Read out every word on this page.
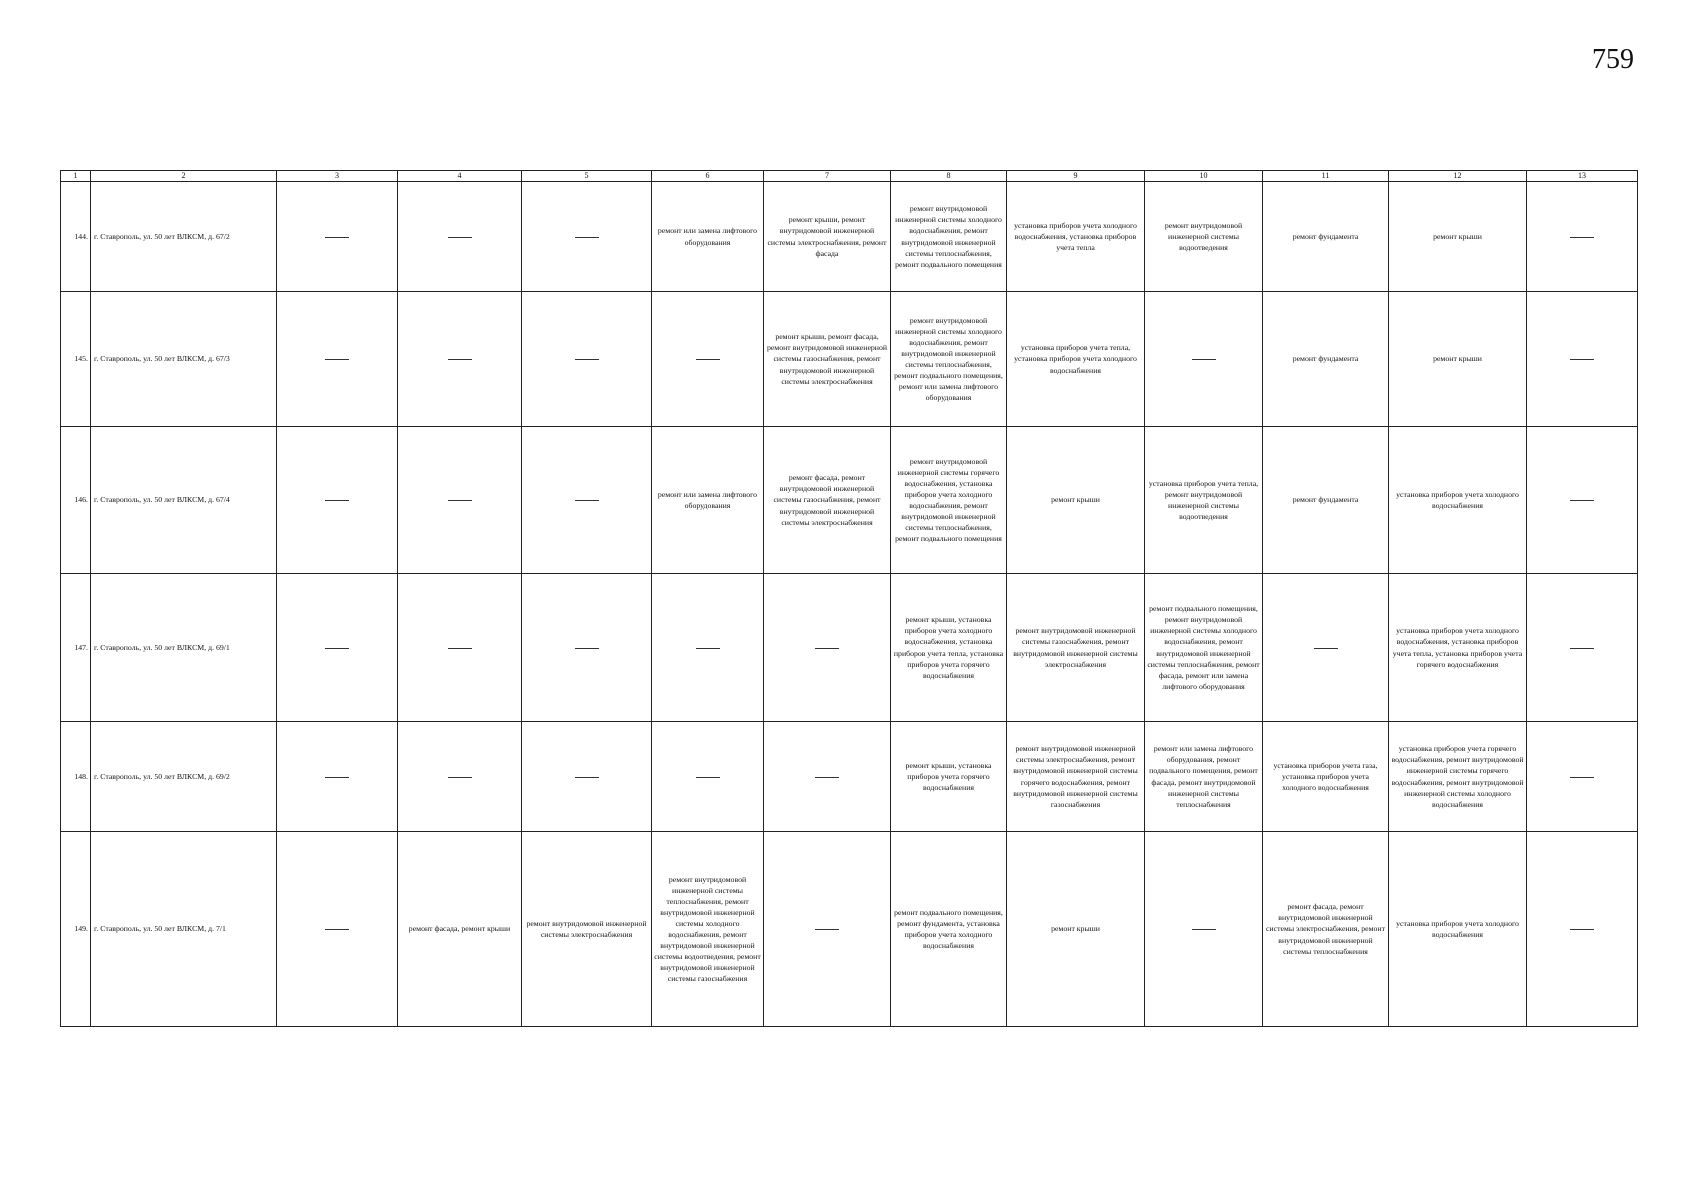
759
1	2	3	4	5	6	7	8	9	10	11	12	13
144.	г. Ставрополь, ул. 50 лет ВЛКСМ, д. 67/2				ремонт или замена лифтового оборудования	ремонт крыши, ремонт внутридомовой инженерной системы электроснабжения, ремонт фасада	ремонт внутридомовой инженерной системы холодного водоснабжения, ремонт внутридомовой инженерной системы теплоснабжения, ремонт подвального помещения	установка приборов учета холодного водоснабжения, установка приборов учета тепла	ремонт внутридомовой инженерной системы водоотведения	ремонт фундамента	ремонт крыши	
145.	г. Ставрополь, ул. 50 лет ВЛКСМ, д. 67/3					ремонт крыши, ремонт фасада, ремонт внутридомовой инженерной системы газоснабжения, ремонт внутридомовой инженерной системы электроснабжения	ремонт внутридомовой инженерной системы холодного водоснабжения, ремонт внутридомовой инженерной системы теплоснабжения, ремонт подвального помещения, ремонт или замена лифтового оборудования	установка приборов учета тепла, установка приборов учета холодного водоснабжения		ремонт фундамента	ремонт крыши	
146.	г. Ставрополь, ул. 50 лет ВЛКСМ, д. 67/4				ремонт или замена лифтового оборудования	ремонт фасада, ремонт внутридомовой инженерной системы газоснабжения, ремонт внутридомовой инженерной системы электроснабжения	ремонт внутридомовой инженерной системы горячего водоснабжения, установка приборов учета холодного водоснабжения, ремонт внутридомовой инженерной системы теплоснабжения, ремонт подвального помещения	ремонт крыши	установка приборов учета тепла, ремонт внутридомовой инженерной системы водоотведения	ремонт фундамента	установка приборов учета холодного водоснабжения	
147.	г. Ставрополь, ул. 50 лет ВЛКСМ, д. 69/1						ремонт крыши, установка приборов учета холодного водоснабжения, установка приборов учета тепла, установка приборов учета горячего водоснабжения	ремонт внутридомовой инженерной системы газоснабжения, ремонт внутридомовой инженерной системы электроснабжения	ремонт подвального помещения, ремонт внутридомовой инженерной системы холодного водоснабжения, ремонт внутридомовой инженерной системы теплоснабжения, ремонт фасада, ремонт или замена лифтового оборудования		установка приборов учета холодного водоснабжения, установка приборов учета тепла, установка приборов учета горячего водоснабжения	
148.	г. Ставрополь, ул. 50 лет ВЛКСМ, д. 69/2						ремонт крыши, установка приборов учета горячего водоснабжения	ремонт внутридомовой инженерной системы электроснабжения, ремонт внутридомовой инженерной системы горячего водоснабжения, ремонт внутридомовой инженерной системы газоснабжения	ремонт или замена лифтового оборудования, ремонт подвального помещения, ремонт фасада, ремонт внутридомовой инженерной системы теплоснабжения	установка приборов учета газа, установка приборов учета холодного водоснабжения	установка приборов учета горячего водоснабжения, ремонт внутридомовой инженерной системы горячего водоснабжения, ремонт внутридомовой инженерной системы холодного водоснабжения	
149.	г. Ставрополь, ул. 50 лет ВЛКСМ, д. 7/1		ремонт фасада, ремонт крыши	ремонт внутридомовой инженерной системы электроснабжения	ремонт внутридомовой инженерной системы теплоснабжения, ремонт внутридомовой инженерной системы холодного водоснабжения, ремонт внутридомовой инженерной системы водоотведения, ремонт внутридомовой инженерной системы газоснабжения		ремонт подвального помещения, ремонт фундамента, установка приборов учета холодного водоснабжения	ремонт крыши		ремонт фасада, ремонт внутридомовой инженерной системы электроснабжения, ремонт внутридомовой инженерной системы теплоснабжения	установка приборов учета холодного водоснабжения	
